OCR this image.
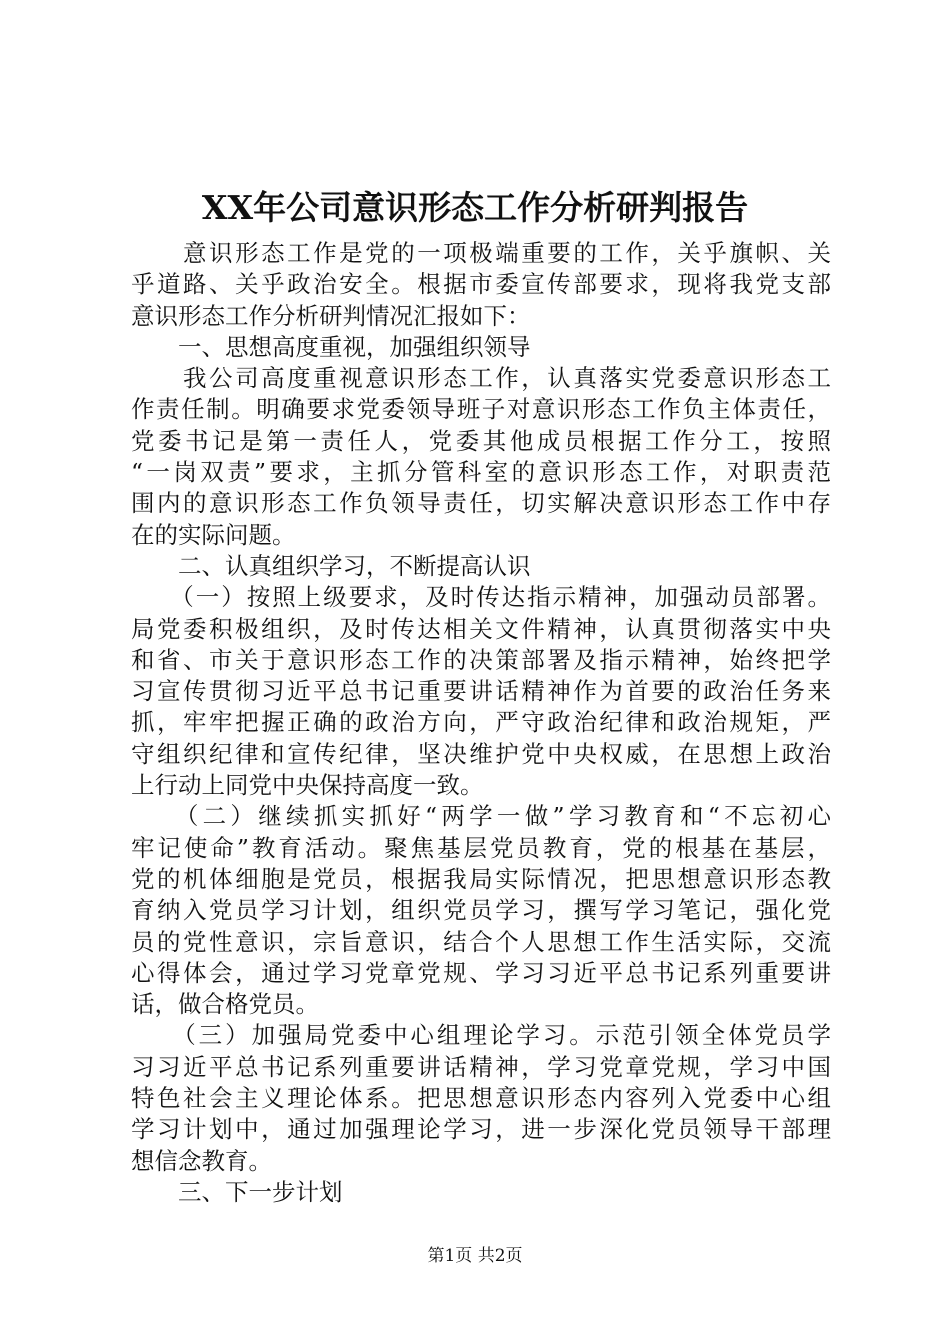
XX年公司意识形态工作分析研判报告
　　意识形态工作是党的一项极端重要的工作，关乎旗帜、关
乎道路、关乎政治安全。根据市委宣传部要求，现将我党支部
意识形态工作分析研判情况汇报如下：
　　一、思想高度重视，加强组织领导
　　我公司高度重视意识形态工作，认真落实党委意识形态工
作责任制。明确要求党委领导班子对意识形态工作负主体责任，
党委书记是第一责任人，党委其他成员根据工作分工，按照
“一岗双责”要求，主抓分管科室的意识形态工作，对职责范
围内的意识形态工作负领导责任，切实解决意识形态工作中存
在的实际问题。
　　二、认真组织学习，不断提高认识
　　（一）按照上级要求，及时传达指示精神，加强动员部署。
局党委积极组织，及时传达相关文件精神，认真贯彻落实中央
和省、市关于意识形态工作的决策部署及指示精神，始终把学
习宣传贯彻习近平总书记重要讲话精神作为首要的政治任务来
抓，牢牢把握正确的政治方向，严守政治纪律和政治规矩，严
守组织纪律和宣传纪律，坚决维护党中央权威，在思想上政治
上行动上同党中央保持高度一致。
　　（二）继续抓实抓好“两学一做”学习教育和“不忘初心
牢记使命”教育活动。聚焦基层党员教育，党的根基在基层，
党的机体细胞是党员，根据我局实际情况，把思想意识形态教
育纳入党员学习计划，组织党员学习，撰写学习笔记，强化党
员的党性意识，宗旨意识，结合个人思想工作生活实际，交流
心得体会，通过学习党章党规、学习习近平总书记系列重要讲
话，做合格党员。
　　（三）加强局党委中心组理论学习。示范引领全体党员学
习习近平总书记系列重要讲话精神，学习党章党规，学习中国
特色社会主义理论体系。把思想意识形态内容列入党委中心组
学习计划中，通过加强理论学习，进一步深化党员领导干部理
想信念教育。
　　三、下一步计划
第1页 共2页
